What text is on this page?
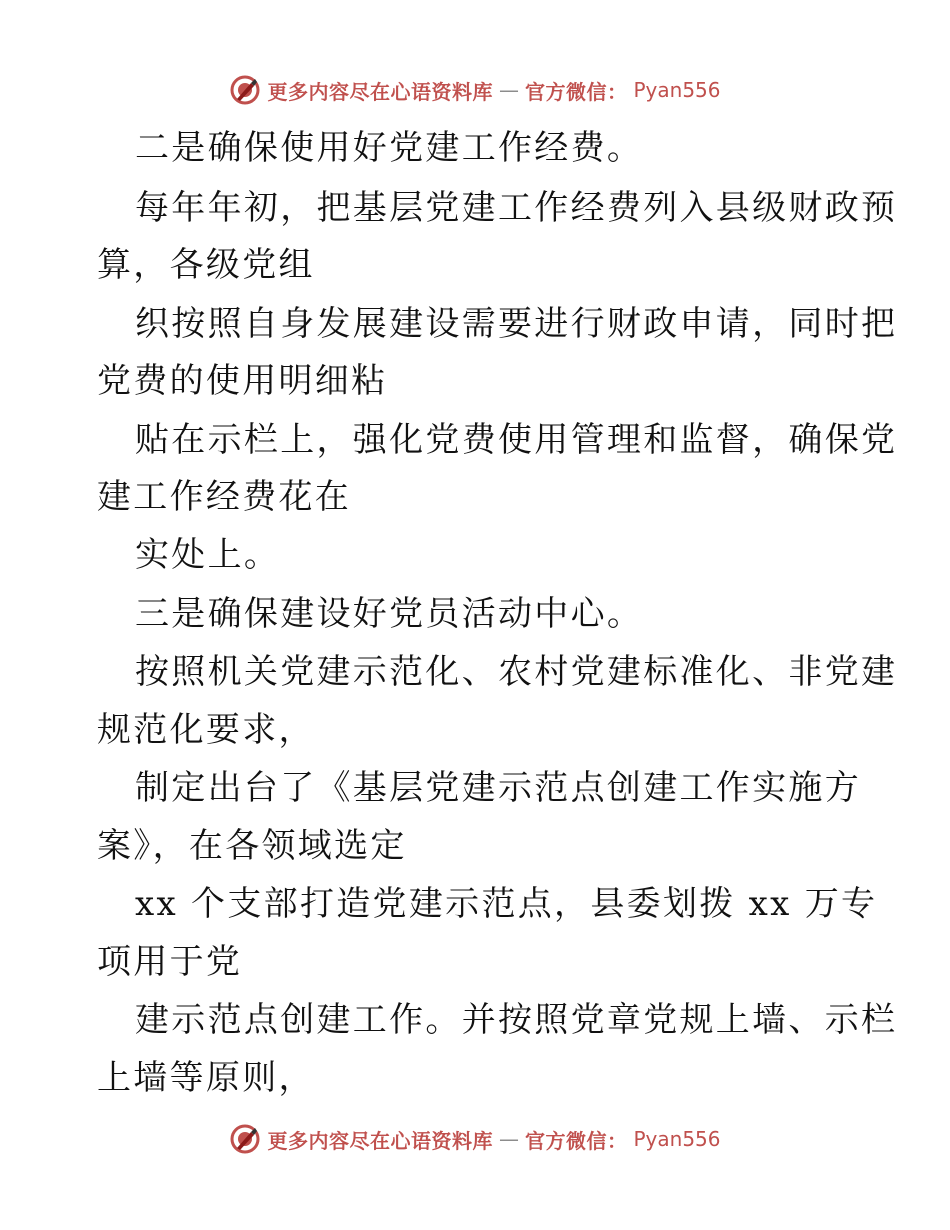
更多内容尽在心语资料库 — 官方微信： Pyan556
二是确保使用好党建工作经费。
每年年初，把基层党建工作经费列入县级财政预
算，各级党组
织按照自身发展建设需要进行财政申请，同时把
党费的使用明细粘
贴在示栏上，强化党费使用管理和监督，确保党
建工作经费花在
实处上。
三是确保建设好党员活动中心。
按照机关党建示范化、农村党建标准化、非党建
规范化要求，
制定出台了《基层党建示范点创建工作实施方
案》，在各领域选定
xx 个支部打造党建示范点，县委划拨 xx 万专
项用于党
建示范点创建工作。并按照党章党规上墙、示栏
上墙等原则，
更多内容尽在心语资料库 — 官方微信： Pyan556
